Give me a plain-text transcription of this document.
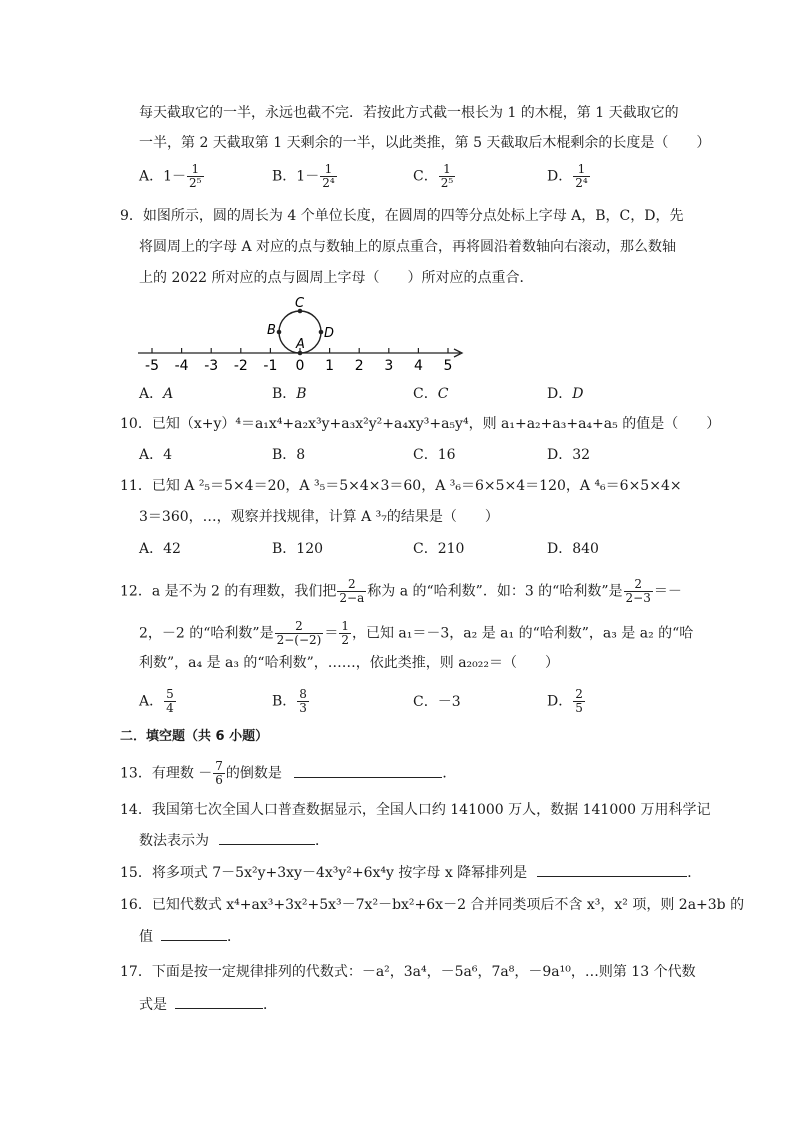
每天截取它的一半，永远也截不完．若按此方式截一根长为 1 的木棍，第 1 天截取它的
一半，第 2 天截取第 1 天剩余的一半，以此类推，第 5 天截取后木棍剩余的长度是（　　）
A．$1- \frac{1}{\text{2⁵}}$	B．$1- \frac{1}{\text{2⁴}}$	C． $\frac{1}{\text{2⁵}}$	D． $\frac{1}{\text{2⁴}}$
9．如图所示，圆的周长为 4 个单位长度，在圆周的四等分点处标上字母 A，B，C，D，先
将圆周上的字母 A 对应的点与数轴上的原点重合，再将圆沿着数轴向右滚动，那么数轴
上的 2022 所对应的点与圆周上字母（　　）所对应的点重合．
-5 -4 -3 -2 -1 0 1 2 3 4 5
A
B
C
D
A．A	B．B	C．C	D．D
10．已知（x+y）⁴＝a₁x⁴+a₂x³y+a₃x²y²+a₄xy³+a₅y⁴，则 a₁+a₂+a₃+a₄+a₅ 的值是（　　）
A．4	B．8	C．16	D．32
11．已知 A ²₅＝5×4＝20，A ³₅＝5×4×3＝60，A ³₆＝6×5×4＝120，A ⁴₆＝6×5×4×
3＝360，…，观察并找规律，计算 A ³₇的结果是（　　）
A．42	B．120	C．210	D．840
12．a 是不为 2 的有理数，我们把 $\frac{2}{2-a}$ 称为 a 的“哈利数”．如：3 的“哈利数”是 $\frac{2}{2-3}$ ＝－
2，－2 的“哈利数”是 $\frac{2}{2-(-2)} = \frac{1}{2}$ ，已知 a₁＝－3，a₂ 是 a₁ 的“哈利数”，a₃ 是 a₂ 的“哈
利数”，a₄ 是 a₃ 的“哈利数”，……，依此类推，则 a₂₀₂₂＝（　　）
A． $\frac{5}{4}$	B． $\frac{8}{3}$	C．－3	D． $\frac{2}{5}$
二．填空题（共 6 小题）
13．有理数 － $\frac{7}{6}$ 的倒数是	．
14．我国第七次全国人口普查数据显示，全国人口约 141000 万人，数据 141000 万用科学记
数法表示为	．
15．将多项式 7－5x²y+3xy－4x³y²+6x⁴y 按字母 x 降幂排列是	．
16．已知代数式 x⁴+ax³+3x²+5x³－7x²－bx²+6x－2 合并同类项后不含 x³，x² 项，则 2a+3b 的
值	．
17．下面是按一定规律排列的代数式：－a²，3a⁴，－5a⁶，7a⁸，－9a¹⁰，…则第 13 个代数
式是	．
